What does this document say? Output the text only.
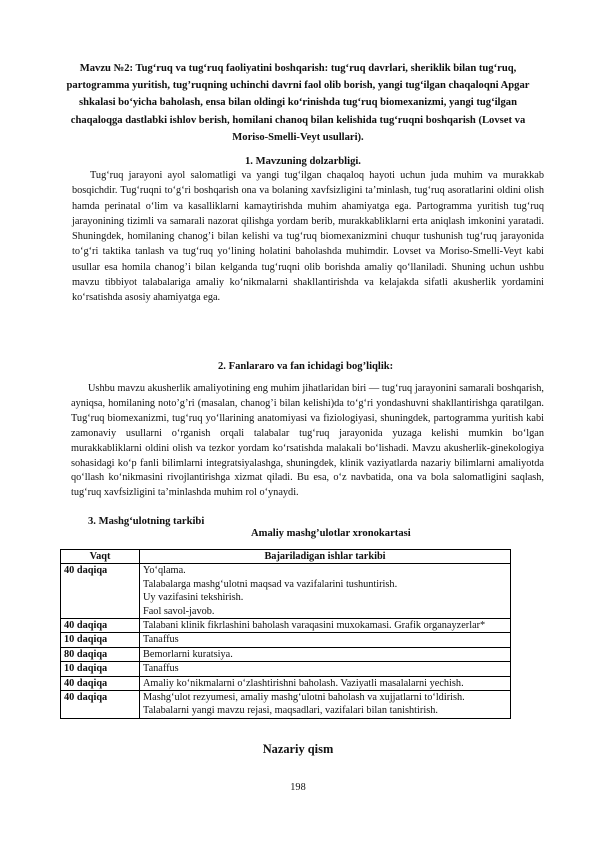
Mavzu №2: Tug‘ruq va tug‘ruq faoliyatini boshqarish: tug‘ruq davrlari, sheriklik bilan tug‘ruq, partogramma yuritish, tug’ruqning uchinchi davrni faol olib borish, yangi tug‘ilgan chaqaloqni Apgar shkalasi bo‘yicha baholash, ensa bilan oldingi ko‘rinishda tug‘ruq biomexanizmi, yangi tug‘ilgan chaqaloqga dastlabki ishlov berish, homilani chanoq bilan kelishida tug‘ruqni boshqarish (Lovset va Moriso-Smelli-Veyt usullari).
1. Mavzuning dolzarbligi.

Tug‘ruq jarayoni ayol salomatligi va yangi tug‘ilgan chaqaloq hayoti uchun juda muhim va murakkab bosqichdir. Tug‘ruqni to‘g‘ri boshqarish ona va bolaning xavfsizligini ta’minlash, tug‘ruq asoratlarini oldini olish hamda perinatal o‘lim va kasalliklarni kamaytirishda muhim ahamiyatga ega. Partogramma yuritish tug‘ruq jarayonining tizimli va samarali nazorat qilishga yordam berib, murakkabliklarni erta aniqlash imkonini yaratadi. Shuningdek, homilaning chanog’i bilan kelishi va tug‘ruq biomexanizmini chuqur tushunish tug‘ruq jarayonida to‘g‘ri taktika tanlash va tug‘ruq yo‘lining holatini baholashda muhimdir. Lovset va Moriso-Smelli-Veyt kabi usullar esa homila chanog’i bilan kelganda tug‘ruqni olib borishda amaliy qo‘llaniladi. Shuning uchun ushbu mavzu tibbiyot talabalariga amaliy ko‘nikmalarni shakllantirishda va kelajakda sifatli akusherlik yordamini ko‘rsatishda asosiy ahamiyatga ega.

2. Fanlararo va fan ichidagi bog’liqlik:

Ushbu mavzu akusherlik amaliyotining eng muhim jihatlaridan biri — tug‘ruq jarayonini samarali boshqarish, ayniqsa, homilaning noto’g’ri (masalan, chanog’i bilan kelishi)da to‘g‘ri yondashuvni shakllantirishga qaratilgan. Tug‘ruq biomexanizmi, tug‘ruq yo‘llarining anatomiyasi va fiziologiyasi, shuningdek, partogramma yuritish kabi zamonaviy usullarni o‘rganish orqali talabalar tug‘ruq jarayonida yuzaga kelishi mumkin bo‘lgan murakkabliklarni oldini olish va tezkor yordam ko‘rsatishda malakali bo‘lishadi. Mavzu akusherlik-ginekologiya sohasidagi ko‘p fanli bilimlarni integratsiyalashga, shuningdek, klinik vaziyatlarda nazariy bilimlarni amaliyotda qo‘llash ko‘nikmasini rivojlantirishga xizmat qiladi. Bu esa, o‘z navbatida, ona va bola salomatligini saqlash, tug‘ruq xavfsizligini ta’minlashda muhim rol o‘ynaydi.

3. Mashg‘ulotning tarkibi
Amaliy mashg’ulotlar xronokartasi
Vaqt	Bajariladigan ishlar tarkibi
40 daqiqa	Yo‘qlama.
Talabalarga mashg‘ulotni maqsad va vazifalarini tushuntirish.
Uy vazifasini tekshirish.
Faol savol-javob.
40 daqiqa	Talabani klinik fikrlashini baholash varaqasini muxokamasi. Grafik organayzerlar*
10 daqiqa	Tanaffus
80 daqiqa	Bemorlarni kuratsiya.
10 daqiqa	Tanaffus
40 daqiqa	Amaliy ko‘nikmalarni o‘zlashtirishni baholash. Vaziyatli masalalarni yechish.
40 daqiqa	Mashg‘ulot rezyumesi, amaliy mashg‘ulotni baholash va xujjatlarni to‘ldirish.
Talabalarni yangi mavzu rejasi, maqsadlari, vazifalari bilan tanishtirish.
Nazariy qism
198
